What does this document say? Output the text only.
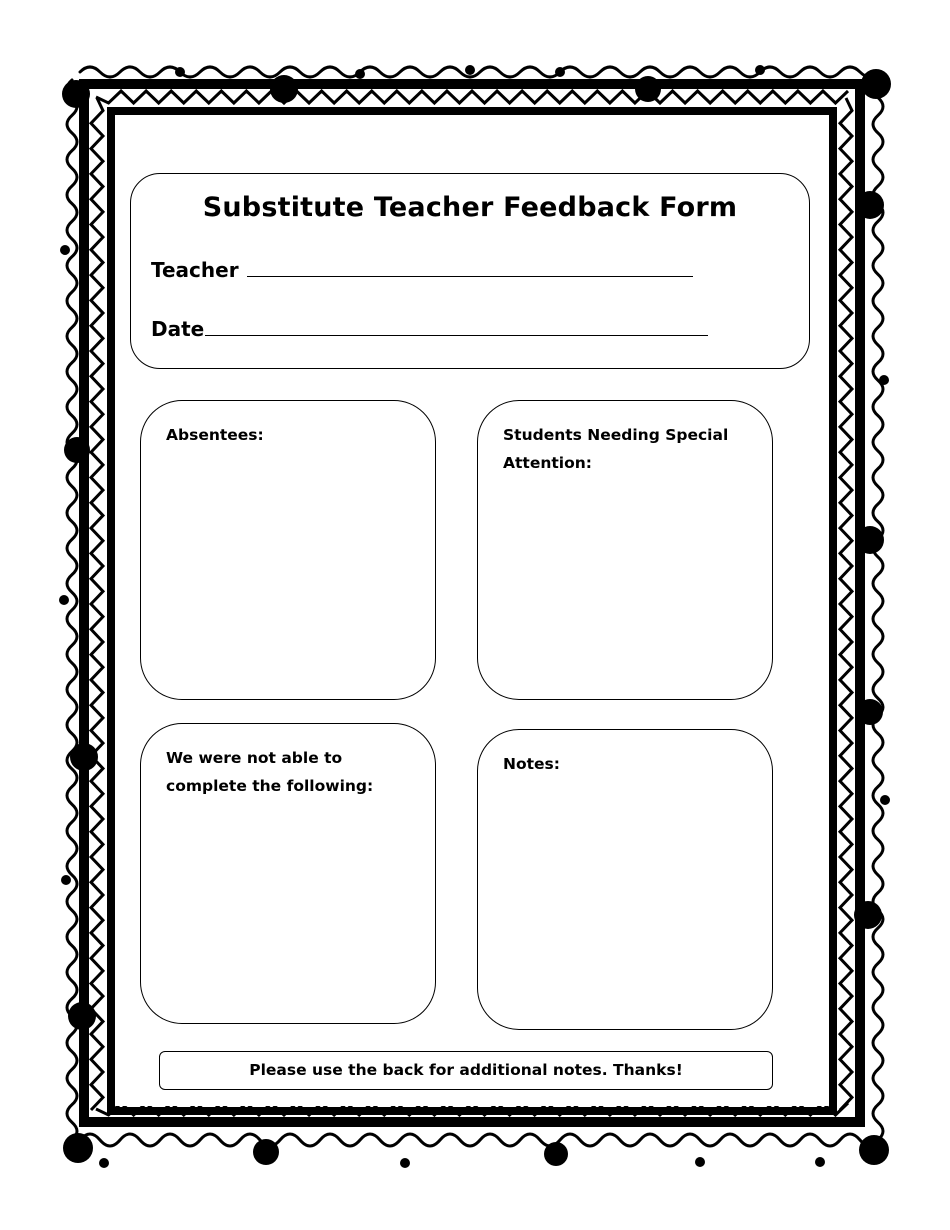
Substitute Teacher Feedback Form
Teacher
Date
Absentees:	Students Needing Special Attention:
We were not able to complete the following:
Notes:
Please use the back for additional notes. Thanks!
